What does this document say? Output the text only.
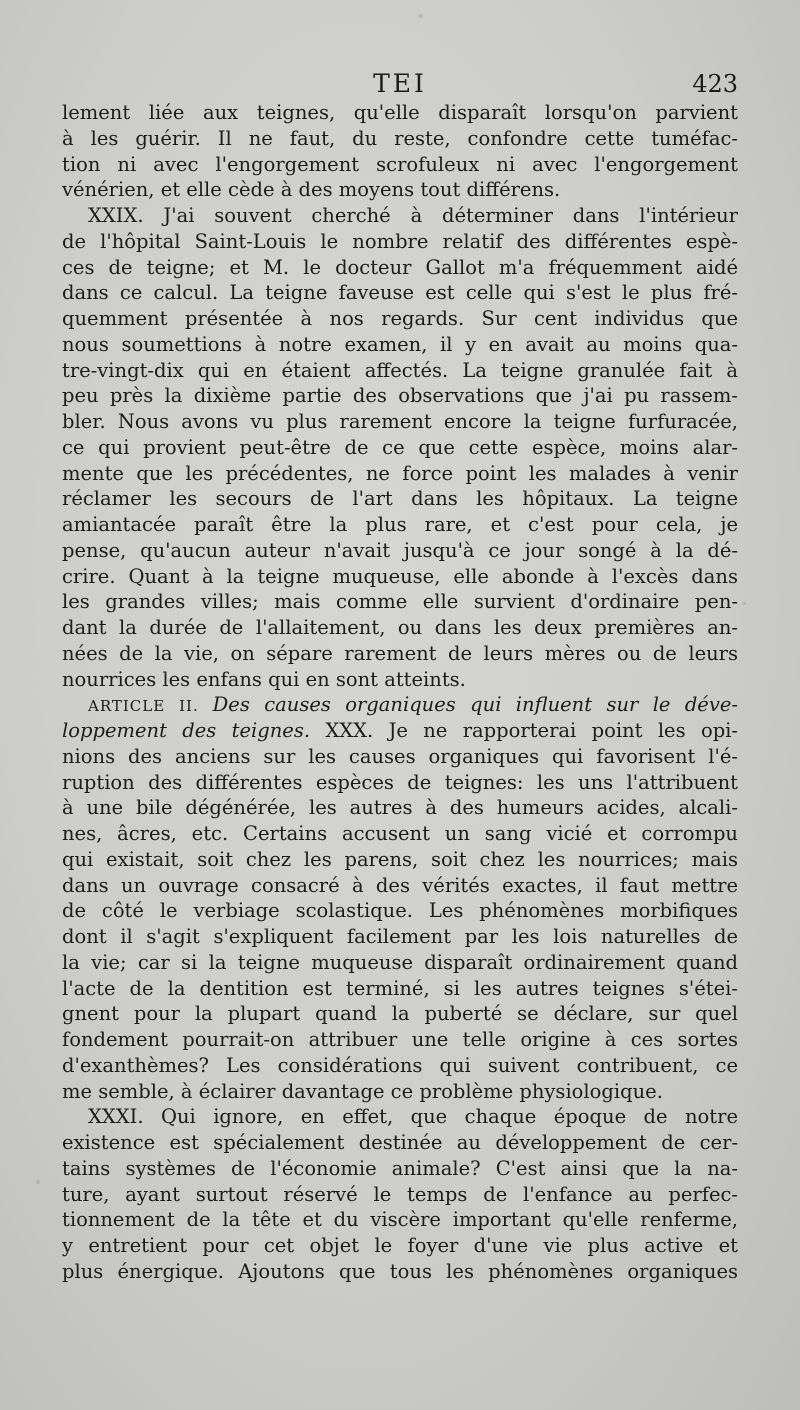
TEI	423
lement liée aux teignes, qu'elle disparaît lorsqu'on parvient
à les guérir. Il ne faut, du reste, confondre cette tuméfac-
tion ni avec l'engorgement scrofuleux ni avec l'engorgement
vénérien, et elle cède à des moyens tout différens.
XXIX. J'ai souvent cherché à déterminer dans l'intérieur
de l'hôpital Saint-Louis le nombre relatif des différentes espè-
ces de teigne; et M. le docteur Gallot m'a fréquemment aidé
dans ce calcul. La teigne faveuse est celle qui s'est le plus fré-
quemment présentée à nos regards. Sur cent individus que
nous soumettions à notre examen, il y en avait au moins qua-
tre-vingt-dix qui en étaient affectés. La teigne granulée fait à
peu près la dixième partie des observations que j'ai pu rassem-
bler. Nous avons vu plus rarement encore la teigne furfuracée,
ce qui provient peut-être de ce que cette espèce, moins alar-
mente que les précédentes, ne force point les malades à venir
réclamer les secours de l'art dans les hôpitaux. La teigne
amiantacée paraît être la plus rare, et c'est pour cela, je
pense, qu'aucun auteur n'avait jusqu'à ce jour songé à la dé-
crire. Quant à la teigne muqueuse, elle abonde à l'excès dans
les grandes villes; mais comme elle survient d'ordinaire pen-
dant la durée de l'allaitement, ou dans les deux premières an-
nées de la vie, on sépare rarement de leurs mères ou de leurs
nourrices les enfans qui en sont atteints.
ARTICLE II. Des causes organiques qui influent sur le déve-
loppement des teignes. XXX. Je ne rapporterai point les opi-
nions des anciens sur les causes organiques qui favorisent l'é-
ruption des différentes espèces de teignes: les uns l'attribuent
à une bile dégénérée, les autres à des humeurs acides, alcali-
nes, âcres, etc. Certains accusent un sang vicié et corrompu
qui existait, soit chez les parens, soit chez les nourrices; mais
dans un ouvrage consacré à des vérités exactes, il faut mettre
de côté le verbiage scolastique. Les phénomènes morbifiques
dont il s'agit s'expliquent facilement par les lois naturelles de
la vie; car si la teigne muqueuse disparaît ordinairement quand
l'acte de la dentition est terminé, si les autres teignes s'étei-
gnent pour la plupart quand la puberté se déclare, sur quel
fondement pourrait-on attribuer une telle origine à ces sortes
d'exanthèmes? Les considérations qui suivent contribuent, ce
me semble, à éclairer davantage ce problème physiologique.
XXXI. Qui ignore, en effet, que chaque époque de notre
existence est spécialement destinée au développement de cer-
tains systèmes de l'économie animale? C'est ainsi que la na-
ture, ayant surtout réservé le temps de l'enfance au perfec-
tionnement de la tête et du viscère important qu'elle renferme,
y entretient pour cet objet le foyer d'une vie plus active et
plus énergique. Ajoutons que tous les phénomènes organiques
